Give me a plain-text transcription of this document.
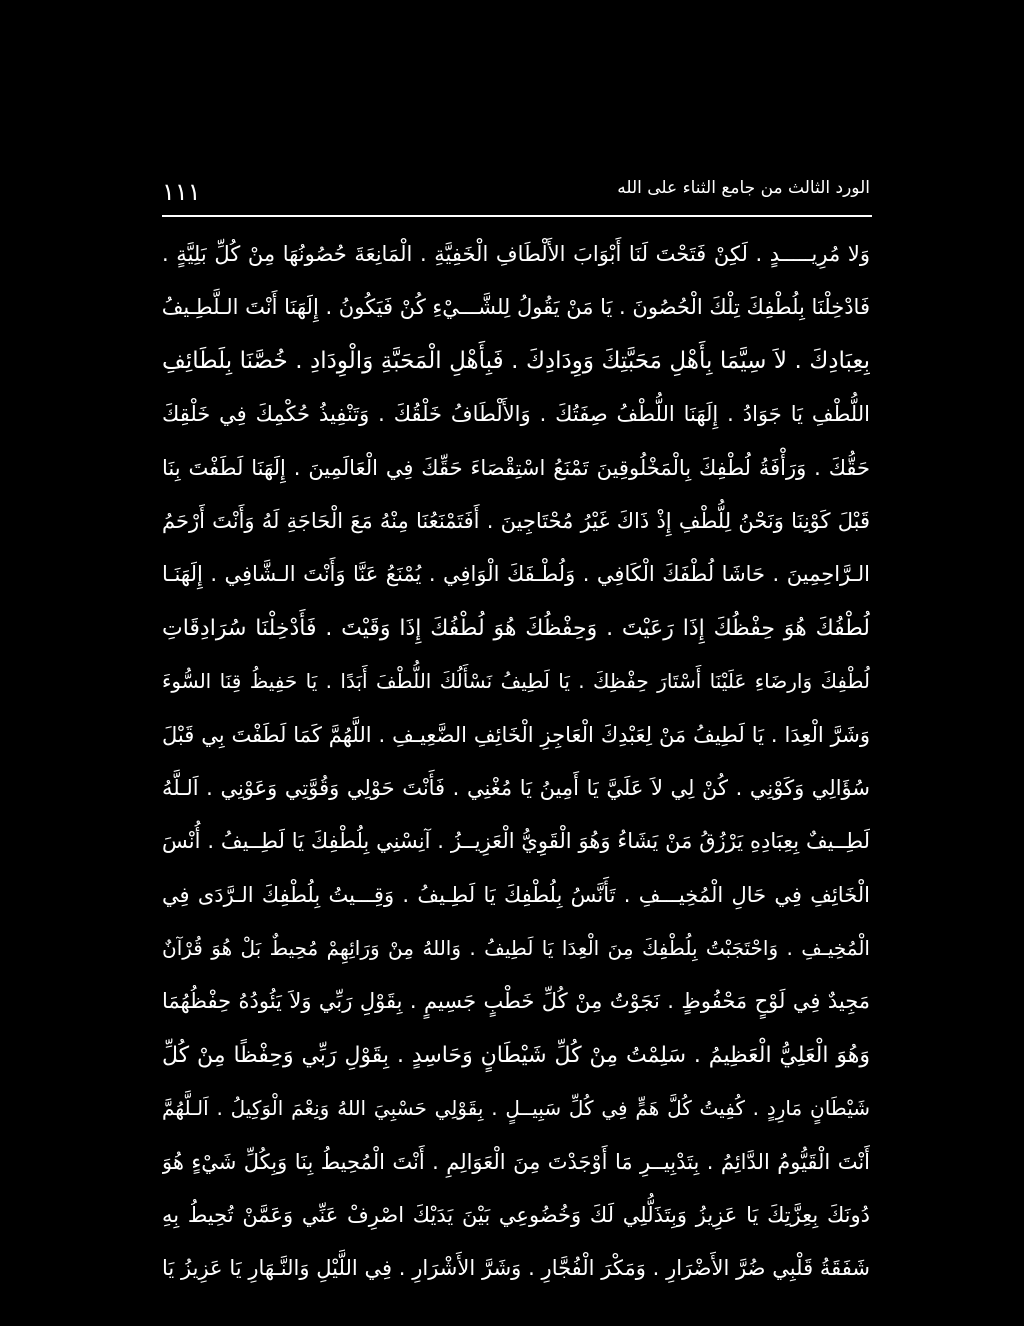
١١١	الورد الثالث من جامع الثناء على الله
وَلا مُرِيـــــدٍ . لَكِنْ فَتَحْتَ لَنَا أَبْوَابَ الأَلْطَافِ الْخَفِيَّةِ . الْمَانِعَةَ حُصُونُهَا مِنْ كُلِّ بَلِيَّةٍ .
فَادْخِلْنَا بِلُطْفِكَ تِلْكَ الْحُصُونَ . يَا مَنْ يَقُولُ لِلشَّـــيْءِ كُنْ فَيَكُونُ . إِلَهَنَا أَنْتَ الـلَّطِـيفُ
بِعِبَادِكَ . لاَ سِيَّمَا بِأَهْلِ مَحَبَّتِكَ وَوِدَادِكَ . فَبِأَهْلِ الْمَحَبَّةِ وَالْوِدَادِ . خُصَّنَا بِلَطَائِفِ
اللُّطْفِ يَا جَوَادُ . إِلَهَنَا اللُّطْفُ صِفَتُكَ . وَالأَلْطَافُ خَلْقُكَ . وَتَنْفِيذُ حُكْمِكَ فِي خَلْقِكَ
حَقُّكَ . وَرَأْفَةُ لُطْفِكَ بِالْمَخْلُوقِينَ تَمْنَعُ اسْتِقْصَاءَ حَقِّكَ فِي الْعَالَمِينَ . إِلَهَنَا لَطَفْتَ بِنَا
قَبْلَ كَوْنِنَا وَنَحْنُ لِلُّطْفِ إِذْ ذَاكَ غَيْرُ مُحْتَاجِينَ . أَفَتَمْنَعُنَا مِنْهُ مَعَ الْحَاجَةِ لَهُ وَأَنْتَ أَرْحَمُ
الـرَّاحِمِينَ . حَاشَا لُطْفَكَ الْكَافِي . وَلُطْـفَكَ الْوَافِي . يُمْنَعُ عَنَّا وَأَنْتَ الـشَّافِي . إِلَهَنَـا
لُطْفُكَ هُوَ حِفْظُكَ إِذَا رَعَيْتَ . وَحِفْظُكَ هُوَ لُطْفُكَ إِذَا وَقَيْتَ . فَأَدْخِلْنَا سُرَادِقَاتِ
لُطْفِكَ وَارضَاءِ عَلَيْنَا أَسْتَارَ حِفْظِكَ . يَا لَطِيفُ نَسْأَلُكَ اللُّطْفَ أَبَدًا . يَا حَفِيظُ قِنَا السُّوءَ
وَشَرَّ الْعِدَا . يَا لَطِيفُ مَنْ لِعَبْدِكَ الْعَاجِزِ الْخَائِفِ الضَّعِيـفِ . اللَّهُمَّ كَمَا لَطَفْتَ بِي قَبْلَ
سُؤَالِي وَكَوْنِي . كُنْ لِي لاَ عَلَيَّ يَا أَمِينُ يَا مُغْنِي . فَأَنْتَ حَوْلِي وَقُوَّتِي وَعَوْنِي . اَلـلَّهُ
لَطِــيفٌ بِعِبَادِهِ يَرْزُقُ مَنْ يَشَاءُ وَهُوَ الْقَوِيُّ الْعَزِيــزُ . آنِسْنِي بِلُطْفِكَ يَا لَطِــيفُ . أُنْسَ
الْخَائِفِ فِي حَالِ الْمُخِيـــفِ . تَأَنَّسُ بِلُطْفِكَ يَا لَطِـيفُ . وَقِـــيتُ بِلُطْفِكَ الـرَّدَى فِي
الْمُخِيـفِ . وَاحْتَجَبْتُ بِلُطْفِكَ مِنَ الْعِدَا يَا لَطِيفُ . وَاللهُ مِنْ وَرَائِهِمْ مُحِيطٌ بَلْ هُوَ قُرْآنٌ
مَجِيدٌ فِي لَوْحٍ مَحْفُوظٍ . نَجَوْتُ مِنْ كُلِّ خَطْبٍ جَسِيمٍ . بِقَوْلِ رَبِّي وَلاَ يَئُودُهُ حِفْظُهُمَا
وَهُوَ الْعَلِيُّ الْعَظِيمُ . سَلِمْتُ مِنْ كُلِّ شَيْطَانٍ وَحَاسِدٍ . بِقَوْلِ رَبِّي وَحِفْظًا مِنْ كُلِّ
شَيْطَانٍ مَارِدٍ . كُفِيتُ كُلَّ هَمٍّ فِي كُلِّ سَبِيــلٍ . بِقَوْلِي حَسْبِيَ اللهُ وَنِعْمَ الْوَكِيلُ . اَلـلَّهُمَّ
أَنْتَ الْقَيُّومُ الدَّائِمُ . بِتَدْبِيــرِ مَا أَوْجَدْتَ مِنَ الْعَوَالِمِ . أَنْتَ الْمُحِيطُ بِنَا وَبِكُلِّ شَيْءٍ هُوَ
دُونَكَ بِعِزَّتِكَ يَا عَزِيزُ وَبِتَذَلُّلِي لَكَ وَخُضُوعِي بَيْنَ يَدَيْكَ اصْرِفْ عَنِّي وَعَمَّنْ تُحِيطُ بِهِ
شَفَقَةُ قَلْبِي ضُرَّ الأَضْرَارِ . وَمَكْرَ الْفُجَّارِ . وَشَرَّ الأَشْرَارِ . فِي اللَّيْلِ وَالنَّـهَارِ يَا عَزِيزُ يَا
